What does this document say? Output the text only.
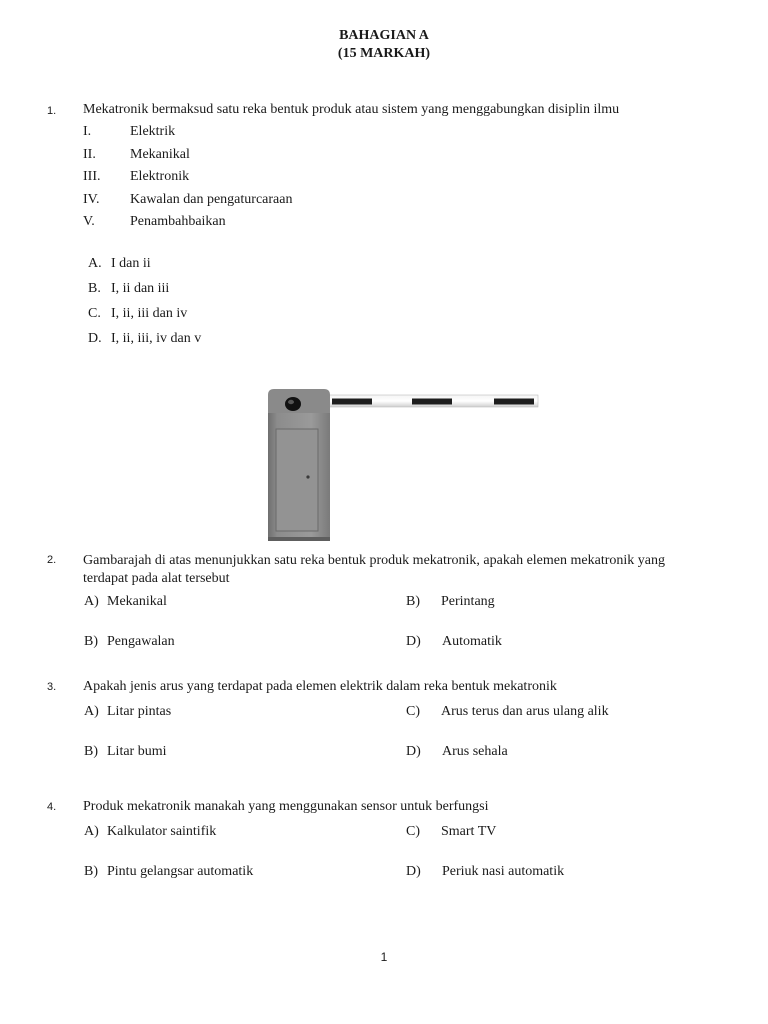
BAHAGIAN A
(15 MARKAH)
1. Mekatronik bermaksud satu reka bentuk produk atau sistem yang menggabungkan disiplin ilmu
I.	Elektrik
II. Mekanikal
III. Elektronik
IV. Kawalan dan pengaturcaraan
V.	Penambahbaikan
A. I dan ii
B. I, ii dan iii
C. I, ii, iii dan iv
D. I, ii, iii, iv dan v
2. Gambarajah di atas menunjukkan satu reka bentuk produk mekatronik, apakah elemen mekatronik yang terdapat pada alat tersebut
A) Mekanikal	B) Perintang
B) Pengawalan	D) Automatik
3. Apakah jenis arus yang terdapat pada elemen elektrik dalam reka bentuk mekatronik
A) Litar pintas	C) Arus terus dan arus ulang alik
B) Litar bumi	D) Arus sehala
4. Produk mekatronik manakah yang menggunakan sensor untuk berfungsi
A) Kalkulator saintifik	C) Smart TV
B) Pintu gelangsar automatik	D) Periuk nasi automatik
1
